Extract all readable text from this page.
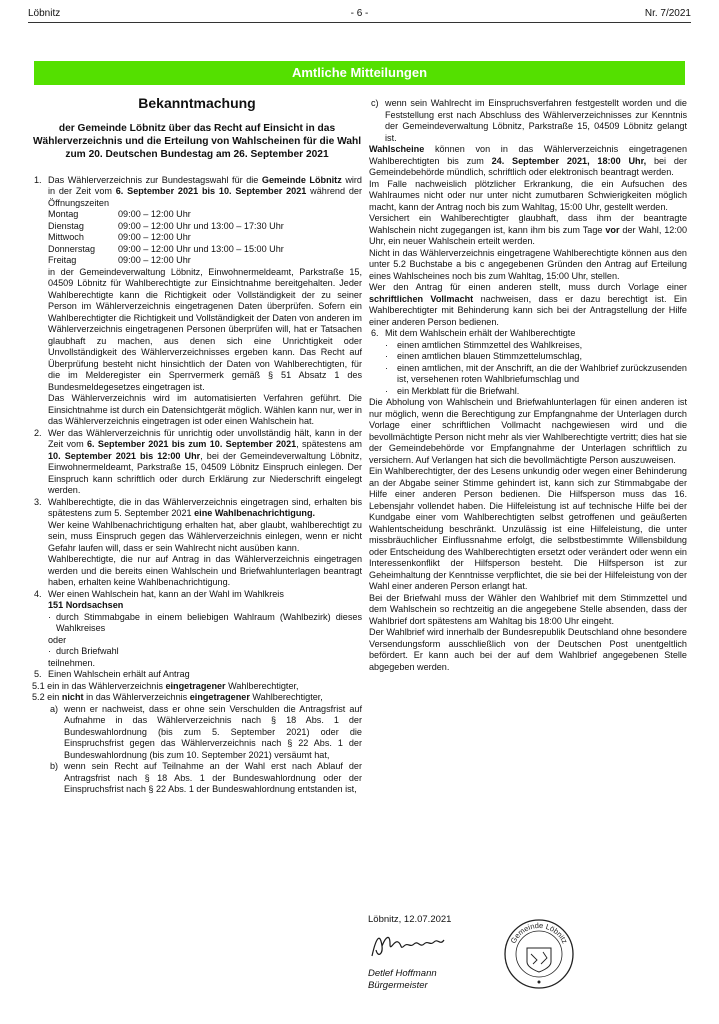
Löbnitz	- 6 -	Nr. 7/2021
Amtliche Mitteilungen
Bekanntmachung
der Gemeinde Löbnitz über das Recht auf Einsicht in das Wählerverzeichnis und die Erteilung von Wahlscheinen für die Wahl zum 20. Deutschen Bundestag am 26. September 2021
1. Das Wählerverzeichnis zur Bundestagswahl für die Gemeinde Löbnitz wird in der Zeit vom 6. September 2021 bis 10. September 2021 während der Öffnungszeiten

Montag	09:00 – 12:00 Uhr
Dienstag	09:00 – 12:00 Uhr und 13:00 – 17:30 Uhr
Mittwoch	09:00 – 12:00 Uhr
Donnerstag	09:00 – 12:00 Uhr und 13:00 – 15:00 Uhr
Freitag	09:00 – 12:00 Uhr

in der Gemeindeverwaltung Löbnitz, Einwohnermeldeamt, Parkstraße 15, 04509 Löbnitz für Wahlberechtigte zur Einsichtnahme bereitgehalten. Jeder Wahlberechtigte kann die Richtigkeit oder Vollständigkeit der zu seiner Person im Wählerverzeichnis eingetragenen Daten überprüfen. Sofern ein Wahlberechtigter die Richtigkeit und Vollständigkeit der Daten von anderen im Wählerverzeichnis eingetragenen Personen überprüfen will, hat er Tatsachen glaubhaft zu machen, aus denen sich eine Unrichtigkeit oder Unvollständigkeit des Wählerverzeichnisses ergeben kann. Das Recht auf Überprüfung besteht nicht hinsichtlich der Daten von Wahlberechtigten, für die im Melderegister ein Sperrvermerk gemäß § 51 Absatz 1 des Bundesmeldegesetzes eingetragen ist.

Das Wählerverzeichnis wird im automatisierten Verfahren geführt. Die Einsichtnahme ist durch ein Datensichtgerät möglich. Wählen kann nur, wer in das Wählerverzeichnis eingetragen ist oder einen Wahlschein hat.

2. Wer das Wählerverzeichnis für unrichtig oder unvollständig hält, kann in der Zeit vom 6. September 2021 bis zum 10. September 2021, spätestens am 10. September 2021 bis 12:00 Uhr, bei der Gemeindeverwaltung Löbnitz, Einwohnermeldeamt, Parkstraße 15, 04509 Löbnitz Einspruch einlegen. Der Einspruch kann schriftlich oder durch Erklärung zur Niederschrift eingelegt werden.

3. Wahlberechtigte, die in das Wählerverzeichnis eingetragen sind, erhalten bis spätestens zum 5. September 2021 eine Wahlbenachrichtigung.

Wer keine Wahlbenachrichtigung erhalten hat, aber glaubt, wahlberechtigt zu sein, muss Einspruch gegen das Wählerverzeichnis einlegen, wenn er nicht Gefahr laufen will, dass er sein Wahlrecht nicht ausüben kann.

Wahlberechtigte, die nur auf Antrag in das Wählerverzeichnis eingetragen werden und die bereits einen Wahlschein und Briefwahlunterlagen beantragt haben, erhalten keine Wahlbenachrichtigung.

4. Wer einen Wahlschein hat, kann an der Wahl im Wahlkreis
151 Nordsachsen

· durch Stimmabgabe in einem beliebigen Wahlraum (Wahlbezirk) dieses Wahlkreises

oder

· durch Briefwahl

teilnehmen.

5. Einen Wahlschein erhält auf Antrag

5.1 ein in das Wählerverzeichnis eingetragener Wahlberechtigter,
5.2 ein nicht in das Wählerverzeichnis eingetragener Wahlberechtigter,
a) wenn er nachweist, dass er ohne sein Verschulden die Antragsfrist auf Aufnahme in das Wählerverzeichnis nach § 18 Abs. 1 der Bundeswahlordnung (bis zum 5. September 2021) oder die Einspruchsfrist gegen das Wählerverzeichnis nach § 22 Abs. 1 der Bundeswahlordnung (bis zum 10. September 2021) versäumt hat,
b) wenn sein Recht auf Teilnahme an der Wahl erst nach Ablauf der Antragsfrist nach § 18 Abs. 1 der Bundeswahlordnung oder der Einspruchsfrist nach § 22 Abs. 1 der Bundeswahlordnung entstanden ist,
c) wenn sein Wahlrecht im Einspruchsverfahren festgestellt worden und die Feststellung erst nach Abschluss des Wählerverzeichnisses zur Kenntnis der Gemeindeverwaltung Löbnitz, Parkstraße 15, 04509 Löbnitz gelangt ist.

Wahlscheine können von in das Wählerverzeichnis eingetragenen Wahlberechtigten bis zum 24. September 2021, 18:00 Uhr, bei der Gemeindebehörde mündlich, schriftlich oder elektronisch beantragt werden.

Im Falle nachweislich plötzlicher Erkrankung, die ein Aufsuchen des Wahlraumes nicht oder nur unter nicht zumutbaren Schwierigkeiten möglich macht, kann der Antrag noch bis zum Wahltag, 15:00 Uhr, gestellt werden.

Versichert ein Wahlberechtigter glaubhaft, dass ihm der beantragte Wahlschein nicht zugegangen ist, kann ihm bis zum Tage vor der Wahl, 12:00 Uhr, ein neuer Wahlschein erteilt werden.

Nicht in das Wählerverzeichnis eingetragene Wahlberechtigte können aus den unter 5.2 Buchstabe a bis c angegebenen Gründen den Antrag auf Erteilung eines Wahlscheines noch bis zum Wahltag, 15:00 Uhr, stellen.

Wer den Antrag für einen anderen stellt, muss durch Vorlage einer schriftlichen Vollmacht nachweisen, dass er dazu berechtigt ist. Ein Wahlberechtigter mit Behinderung kann sich bei der Antragstellung der Hilfe einer anderen Person bedienen.

6. Mit dem Wahlschein erhält der Wahlberechtigte

· einen amtlichen Stimmzettel des Wahlkreises,
· einen amtlichen blauen Stimmzettelumschlag,
· einen amtlichen, mit der Anschrift, an die der Wahlbrief zurückzusenden ist, versehenen roten Wahlbriefumschlag und
· ein Merkblatt für die Briefwahl.

Die Abholung von Wahlschein und Briefwahlunterlagen für einen anderen ist nur möglich, wenn die Berechtigung zur Empfangnahme der Unterlagen durch Vorlage einer schriftlichen Vollmacht nachgewiesen wird und die bevollmächtigte Person nicht mehr als vier Wahlberechtigte vertritt; dies hat sie der Gemeindebehörde vor Empfangnahme der Unterlagen schriftlich zu versichern. Auf Verlangen hat sich die bevollmächtigte Person auszuweisen.

Ein Wahlberechtigter, der des Lesens unkundig oder wegen einer Behinderung an der Abgabe seiner Stimme gehindert ist, kann sich zur Stimmabgabe der Hilfe einer anderen Person bedienen. Die Hilfsperson muss das 16. Lebensjahr vollendet haben. Die Hilfeleistung ist auf technische Hilfe bei der Kundgabe einer vom Wahlberechtigten selbst getroffenen und geäußerten Wahlentscheidung beschränkt. Unzulässig ist eine Hilfeleistung, die unter missbräuchlicher Einflussnahme erfolgt, die selbstbestimmte Willensbildung oder Entscheidung des Wahlberechtigten ersetzt oder verändert oder wenn ein Interessenkonflikt der Hilfsperson besteht. Die Hilfsperson ist zur Geheimhaltung der Kenntnisse verpflichtet, die sie bei der Hilfeleistung von der Wahl einer anderen Person erlangt hat.

Bei der Briefwahl muss der Wähler den Wahlbrief mit dem Stimmzettel und dem Wahlschein so rechtzeitig an die angegebene Stelle absenden, dass der Wahlbrief dort spätestens am Wahltag bis 18:00 Uhr eingeht.

Der Wahlbrief wird innerhalb der Bundesrepublik Deutschland ohne besondere Versendungsform ausschließlich von der Deutschen Post unentgeltlich befördert. Er kann auch bei der auf dem Wahlbrief angegebenen Stelle abgegeben werden.

Löbnitz, 12.07.2021
Detlef Hoffmann
Bürgermeister
Gemeinde Löbnitz
